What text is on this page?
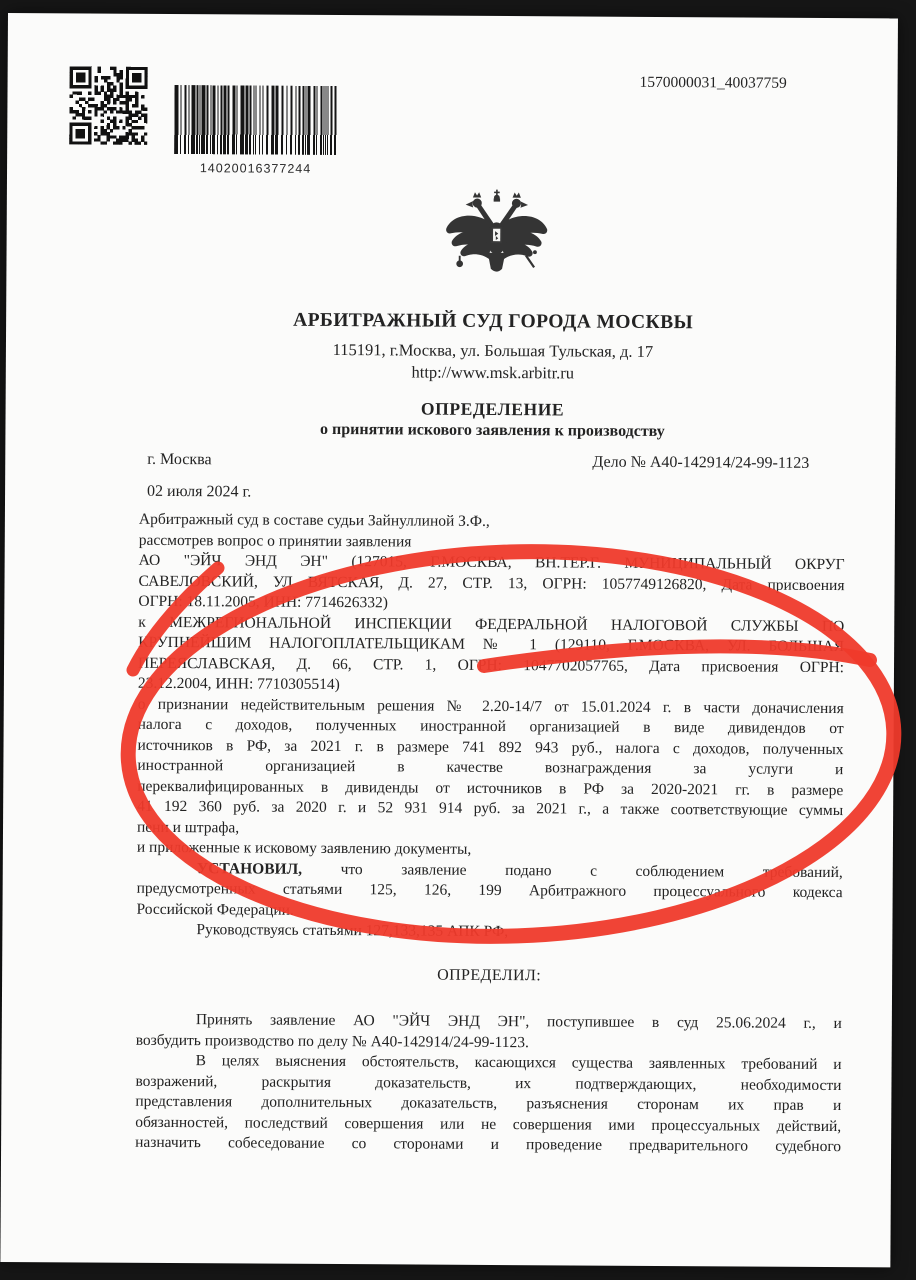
14020016377244
1570000031_40037759
АРБИТРАЖНЫЙ СУД ГОРОДА МОСКВЫ
115191, г.Москва, ул. Большая Тульская, д. 17
http://www.msk.arbitr.ru
ОПРЕДЕЛЕНИЕ
о принятии искового заявления к производству
г. Москва	Дело № А40-142914/24-99-1123
02 июля 2024 г.
Арбитражный суд в составе судьи Зайнуллиной З.Ф.,
рассмотрев вопрос о принятии заявления
АО "ЭЙЧ ЭНД ЭН" (127015, Г.МОСКВА, ВН.ТЕР.Г. МУНИЦИПАЛЬНЫЙ ОКРУГ
САВЕЛОВСКИЙ, УЛ ВЯТСКАЯ, Д. 27, СТР. 13, ОГРН: 1057749126820, Дата присвоения
ОГРН: 18.11.2005, ИНН: 7714626332)
к МЕЖРЕГИОНАЛЬНОЙ ИНСПЕКЦИИ ФЕДЕРАЛЬНОЙ НАЛОГОВОЙ СЛУЖБЫ ПО
КРУПНЕЙШИМ НАЛОГОПЛАТЕЛЬЩИКАМ № 1 (129110, Г.МОСКВА, УЛ. БОЛЬШАЯ
ПЕРЕЯСЛАВСКАЯ, Д. 66, СТР. 1, ОГРН: 1047702057765, Дата присвоения ОГРН:
23.12.2004, ИНН: 7710305514)
о признании недействительным решения № 2.20-14/7 от 15.01.2024 г. в части доначисления
налога с доходов, полученных иностранной организацией в виде дивидендов от
источников в РФ, за 2021 г. в размере 741 892 943 руб., налога с доходов, полученных
иностранной организацией в качестве вознаграждения за услуги и
переквалифицированных в дивиденды от источников в РФ за 2020-2021 гг. в размере
41 192 360 руб. за 2020 г. и 52 931 914 руб. за 2021 г., а также соответствующие суммы
пени и штрафа,
и приложенные к исковому заявлению документы,
УСТАНОВИЛ, что заявление подано с соблюдением требований,
предусмотренных статьями 125, 126, 199 Арбитражного процессуального кодекса
Российской Федерации.
Руководствуясь статьями 127,133,135 АПК РФ,
ОПРЕДЕЛИЛ:
Принять заявление АО "ЭЙЧ ЭНД ЭН", поступившее в суд 25.06.2024 г., и
возбудить производство по делу № А40-142914/24-99-1123.
В целях выяснения обстоятельств, касающихся существа заявленных требований и
возражений, раскрытия доказательств, их подтверждающих, необходимости
представления дополнительных доказательств, разъяснения сторонам их прав и
обязанностей, последствий совершения или не совершения ими процессуальных действий,
назначить собеседование со сторонами и проведение предварительного судебного
